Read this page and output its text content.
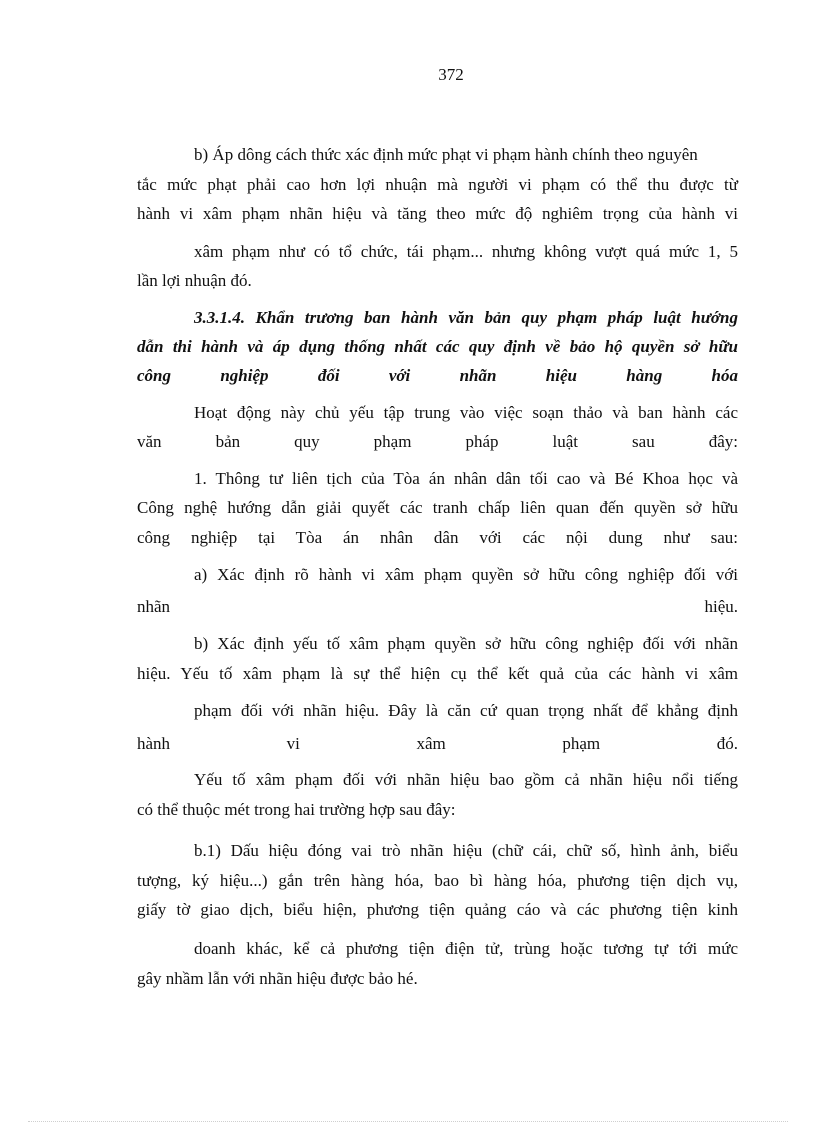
372
b) Áp dông cách thức xác định mức phạt vi phạm hành chính theo nguyên
tắc mức phạt phải cao hơn lợi nhuận mà người vi phạm có thể thu được từ
hành vi xâm phạm nhãn hiệu và tăng theo mức độ nghiêm trọng của hành vi
xâm phạm như có tổ chức, tái phạm... nhưng không vượt quá mức 1, 5
lần lợi nhuận đó.
3.3.1.4. Khẩn trương ban hành văn bản quy phạm pháp luật hướng
dẫn thi hành và áp dụng thống nhất các quy định về bảo hộ quyền sở hữu
công nghiệp đối với nhãn hiệu hàng hóa
Hoạt động này chủ yếu tập trung vào việc soạn thảo và ban hành các
văn bản quy phạm pháp luật sau đây:
1. Thông tư liên tịch của Tòa án nhân dân tối cao và Bé Khoa học và
Công nghệ hướng dẫn giải quyết các tranh chấp liên quan đến quyền sở hữu
công nghiệp tại Tòa án nhân dân với các nội dung như sau:
a) Xác định rõ hành vi xâm phạm quyền sở hữu công nghiệp đối với
nhãn hiệu.
b) Xác định yếu tố xâm phạm quyền sở hữu công nghiệp đối với nhãn
hiệu. Yếu tố xâm phạm là sự thể hiện cụ thể kết quả của các hành vi xâm
phạm đối với nhãn hiệu. Đây là căn cứ quan trọng nhất để khẳng định
hành vi xâm phạm đó.
Yếu tố xâm phạm đối với nhãn hiệu bao gồm cả nhãn hiệu nổi tiếng
có thể thuộc mét trong hai trường hợp sau đây:
b.1) Dấu hiệu đóng vai trò nhãn hiệu (chữ cái, chữ số, hình ảnh, biểu
tượng, ký hiệu...) gắn trên hàng hóa, bao bì hàng hóa, phương tiện dịch vụ,
giấy tờ giao dịch, biểu hiện, phương tiện quảng cáo và các phương tiện kinh
doanh khác, kể cả phương tiện điện tử, trùng hoặc tương tự tới mức
gây nhầm lẫn với nhãn hiệu được bảo hé.
